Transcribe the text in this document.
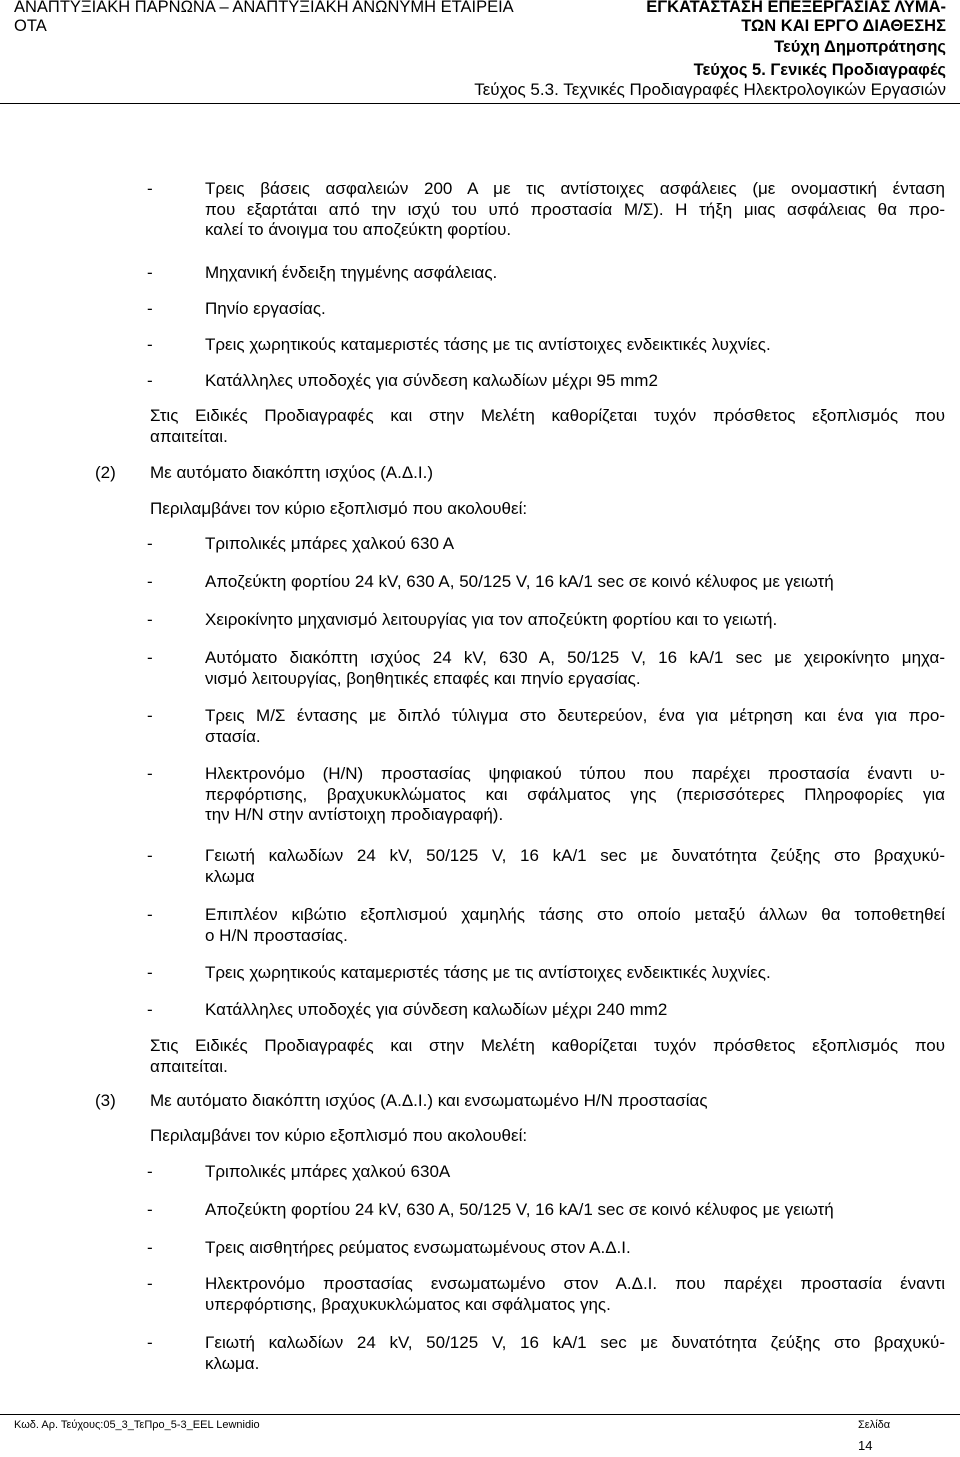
ΑΝΑΠΤΥΞΙΑΚΗ ΠΑΡΝΩΝΑ – ΑΝΑΠΤΥΞΙΑΚΗ ΑΝΩΝΥΜΗ ΕΤΑΙΡΕΙΑ
ΟΤΑ
ΕΓΚΑΤΑΣΤΑΣΗ ΕΠΕΞΕΡΓΑΣΙΑΣ ΛΥΜΑ-
ΤΩΝ ΚΑΙ ΕΡΓΟ ΔΙΑΘΕΣΗΣ
Τεύχη Δημοπράτησης
Τεύχος 5. Γενικές Προδιαγραφές
Τεύχος 5.3. Τεχνικές Προδιαγραφές Ηλεκτρολογικών Εργασιών
-	Τρεις βάσεις ασφαλειών 200 Α με τις αντίστοιχες ασφάλειες (με ονομαστική ένταση
που εξαρτάται από την ισχύ του υπό προστασία Μ/Σ). Η τήξη μιας ασφάλειας θα προ-
καλεί το άνοιγμα του αποζεύκτη φορτίου.
-	Μηχανική ένδειξη τηγμένης ασφάλειας.
-	Πηνίο εργασίας.
-	Τρεις χωρητικούς καταμεριστές τάσης με τις αντίστοιχες ενδεικτικές λυχνίες.
-	Κατάλληλες υποδοχές για σύνδεση καλωδίων μέχρι 95 mm2
Στις Ειδικές Προδιαγραφές και στην Μελέτη καθορίζεται τυχόν πρόσθετος εξοπλισμός που
απαιτείται.
(2) Με αυτόματο διακόπτη ισχύος (Α.Δ.Ι.)
Περιλαμβάνει τον κύριο εξοπλισμό που ακολουθεί:
-	Τριπολικές μπάρες χαλκού 630 Α
-	Αποζεύκτη φορτίου 24 kV, 630 A, 50/125 V, 16 kA/1 sec σε κοινό κέλυφος με γειωτή
-	Χειροκίνητο μηχανισμό λειτουργίας για τον αποζεύκτη φορτίου και το γειωτή.
-	Αυτόματο διακόπτη ισχύος 24 kV, 630 A, 50/125 V, 16 kA/1 sec με χειροκίνητο μηχα-
νισμό λειτουργίας, βοηθητικές επαφές και πηνίο εργασίας.
-	Τρεις Μ/Σ έντασης με διπλό τύλιγμα στο δευτερεύον, ένα για μέτρηση και ένα για προ-
στασία.
-	Ηλεκτρονόμο (Η/Ν) προστασίας ψηφιακού τύπου που παρέχει προστασία έναντι υ-
περφόρτισης, βραχυκυκλώματος και σφάλματος γης (περισσότερες Πληροφορίες για
την Η/Ν στην αντίστοιχη προδιαγραφή).
-	Γειωτή καλωδίων 24 kV, 50/125 V, 16 kA/1 sec με δυνατότητα ζεύξης στο βραχυκύ-
κλωμα
-	Επιπλέον κιβώτιο εξοπλισμού χαμηλής τάσης στο οποίο μεταξύ άλλων θα τοποθετηθεί
ο Η/Ν προστασίας.
-	Τρεις χωρητικούς καταμεριστές τάσης με τις αντίστοιχες ενδεικτικές λυχνίες.
-	Κατάλληλες υποδοχές για σύνδεση καλωδίων μέχρι 240 mm2
Στις Ειδικές Προδιαγραφές και στην Μελέτη καθορίζεται τυχόν πρόσθετος εξοπλισμός που
απαιτείται.
(3) Με αυτόματο διακόπτη ισχύος (Α.Δ.Ι.) και ενσωματωμένο Η/Ν προστασίας
Περιλαμβάνει τον κύριο εξοπλισμό που ακολουθεί:
-	Τριπολικές μπάρες χαλκού 630Α
-	Αποζεύκτη φορτίου 24 kV, 630 A, 50/125 V, 16 kA/1 sec σε κοινό κέλυφος με γειωτή
-	Τρεις αισθητήρες ρεύματος ενσωματωμένους στον Α.Δ.Ι.
-	Ηλεκτρονόμο προστασίας ενσωματωμένο στον Α.Δ.Ι. που παρέχει προστασία έναντι
υπερφόρτισης, βραχυκυκλώματος και σφάλματος γης.
-	Γειωτή καλωδίων 24 kV, 50/125 V, 16 kA/1 sec με δυνατότητα ζεύξης στο βραχυκύ-
κλωμα.
Κωδ. Αρ. Τεύχους:05_3_ΤεΠρο_5-3_EEL Lewnidio	Σελίδα
14
